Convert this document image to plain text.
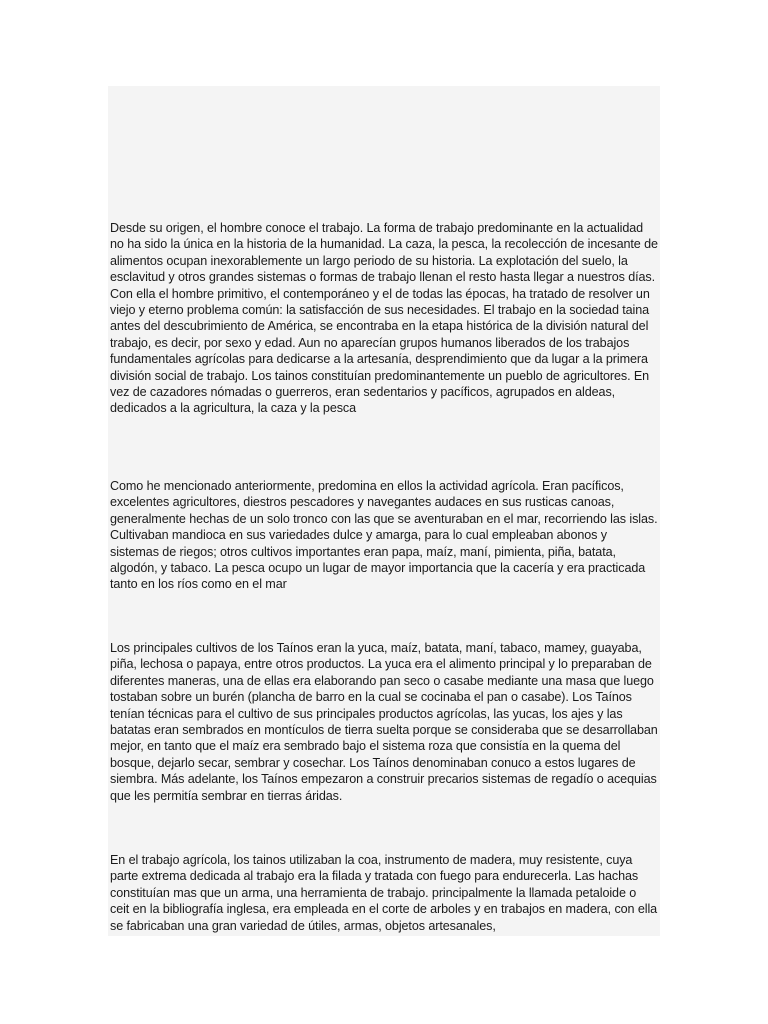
Desde su origen, el hombre conoce el trabajo. La forma de trabajo predominante en la actualidad no ha sido la única en la historia de la humanidad. La caza, la pesca, la recolección de incesante de alimentos ocupan inexorablemente un largo periodo de su historia. La explotación del suelo, la esclavitud y otros grandes sistemas o formas de trabajo llenan el resto hasta llegar a nuestros días. Con ella el hombre primitivo, el contemporáneo y el de todas las épocas, ha tratado de resolver un viejo y eterno problema común: la satisfacción de sus necesidades. El trabajo en la sociedad taina antes del descubrimiento de América, se encontraba en la etapa histórica de la división natural del trabajo, es decir, por sexo y edad. Aun no aparecían grupos humanos liberados de los trabajos fundamentales agrícolas para dedicarse a la artesanía, desprendimiento que da lugar a la primera división social de trabajo. Los tainos constituían predominantemente un pueblo de agricultores. En vez de cazadores nómadas o guerreros, eran sedentarios y pacíficos, agrupados en aldeas, dedicados a la agricultura, la caza y la pesca

Como he mencionado anteriormente, predomina en ellos la actividad agrícola. Eran pacíficos, excelentes agricultores, diestros pescadores y navegantes audaces en sus rusticas canoas, generalmente hechas de un solo tronco con las que se aventuraban en el mar, recorriendo las islas. Cultivaban mandioca en sus variedades dulce y amarga, para lo cual empleaban abonos y sistemas de riegos; otros cultivos importantes eran papa, maíz, maní, pimienta, piña, batata, algodón, y tabaco. La pesca ocupo un lugar de mayor importancia que la cacería y era practicada tanto en los ríos como en el mar

Los principales cultivos de los Taínos eran la yuca, maíz, batata, maní, tabaco, mamey, guayaba, piña, lechosa o papaya, entre otros productos. La yuca era el alimento principal y lo preparaban de diferentes maneras, una de ellas era elaborando pan seco o casabe mediante una masa que luego tostaban sobre un burén (plancha de barro en la cual se cocinaba el pan o casabe). Los Taínos tenían técnicas para el cultivo de sus principales productos agrícolas, las yucas, los ajes y las batatas eran sembrados en montículos de tierra suelta porque se consideraba que se desarrollaban mejor, en tanto que el maíz era sembrado bajo el sistema roza que consistía en la quema del bosque, dejarlo secar, sembrar y cosechar. Los Taínos denominaban conuco a estos lugares de siembra. Más adelante, los Taínos empezaron a construir precarios sistemas de regadío o acequias que les permitía sembrar en tierras áridas.

En el trabajo agrícola, los tainos utilizaban la coa, instrumento de madera, muy resistente, cuya parte extrema dedicada al trabajo era la filada y tratada con fuego para endurecerla. Las hachas constituían mas que un arma, una herramienta de trabajo. principalmente la llamada petaloide o ceit en la bibliografía inglesa, era empleada en el corte de arboles y en trabajos en madera, con ella se fabricaban una gran variedad de útiles, armas, objetos artesanales,
